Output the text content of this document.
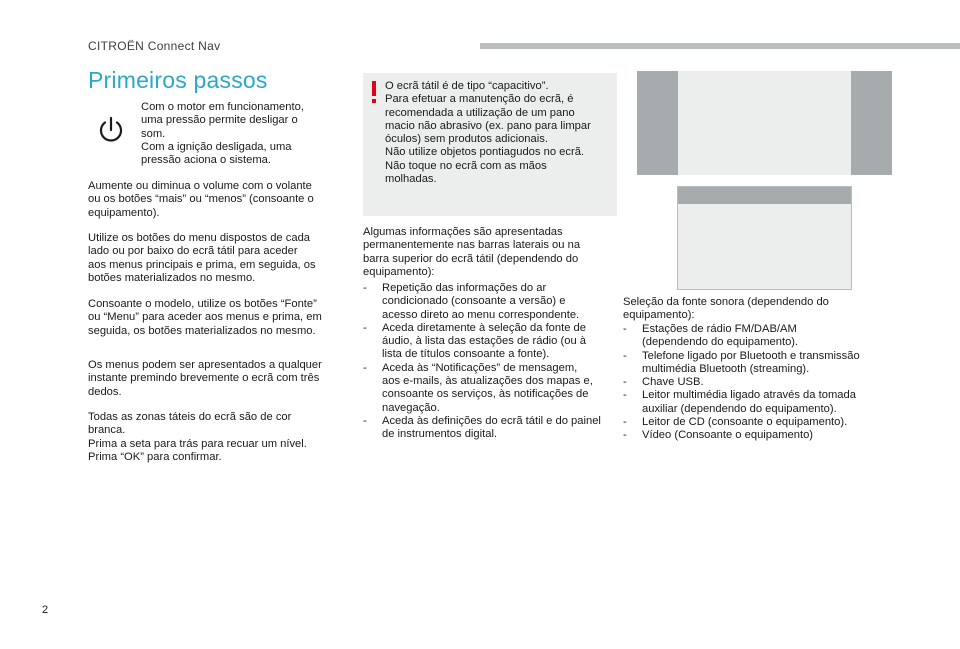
CITROËN Connect Nav
Primeiros passos
Com o motor em funcionamento,
uma pressão permite desligar o
som.
Com a ignição desligada, uma
pressão aciona o sistema.
Aumente ou diminua o volume com o volante
ou os botões “mais” ou “menos” (consoante o
equipamento).
Utilize os botões do menu dispostos de cada
lado ou por baixo do ecrã tátil para aceder
aos menus principais e prima, em seguida, os
botões materializados no mesmo.
Consoante o modelo, utilize os botões “Fonte”
ou “Menu” para aceder aos menus e prima, em
seguida, os botões materializados no mesmo.
Os menus podem ser apresentados a qualquer
instante premindo brevemente o ecrã com três
dedos.
Todas as zonas táteis do ecrã são de cor
branca.
Prima a seta para trás para recuar um nível.
Prima “OK” para confirmar.
O ecrã tátil é de tipo “capacitivo”.
Para efetuar a manutenção do ecrã, é
recomendada a utilização de um pano
macio não abrasivo (ex. pano para limpar
óculos) sem produtos adicionais.
Não utilize objetos pontiagudos no ecrã.
Não toque no ecrã com as mãos
molhadas.
Algumas informações são apresentadas
permanentemente nas barras laterais ou na
barra superior do ecrã tátil (dependendo do
equipamento):
- Repetição das informações do ar
condicionado (consoante a versão) e
acesso direto ao menu correspondente.
- Aceda diretamente à seleção da fonte de
áudio, à lista das estações de rádio (ou à
lista de títulos consoante a fonte).
- Aceda às “Notificações” de mensagem,
aos e-mails, às atualizações dos mapas e,
consoante os serviços, às notificações de
navegação.
- Aceda às definições do ecrã tátil e do painel
de instrumentos digital.
Seleção da fonte sonora (dependendo do
equipamento):
- Estações de rádio FM/DAB/AM
(dependendo do equipamento).
- Telefone ligado por Bluetooth e transmissão
multimédia Bluetooth (streaming).
- Chave USB.
- Leitor multimédia ligado através da tomada
auxiliar (dependendo do equipamento).
- Leitor de CD (consoante o equipamento).
- Vídeo (Consoante o equipamento)
2
